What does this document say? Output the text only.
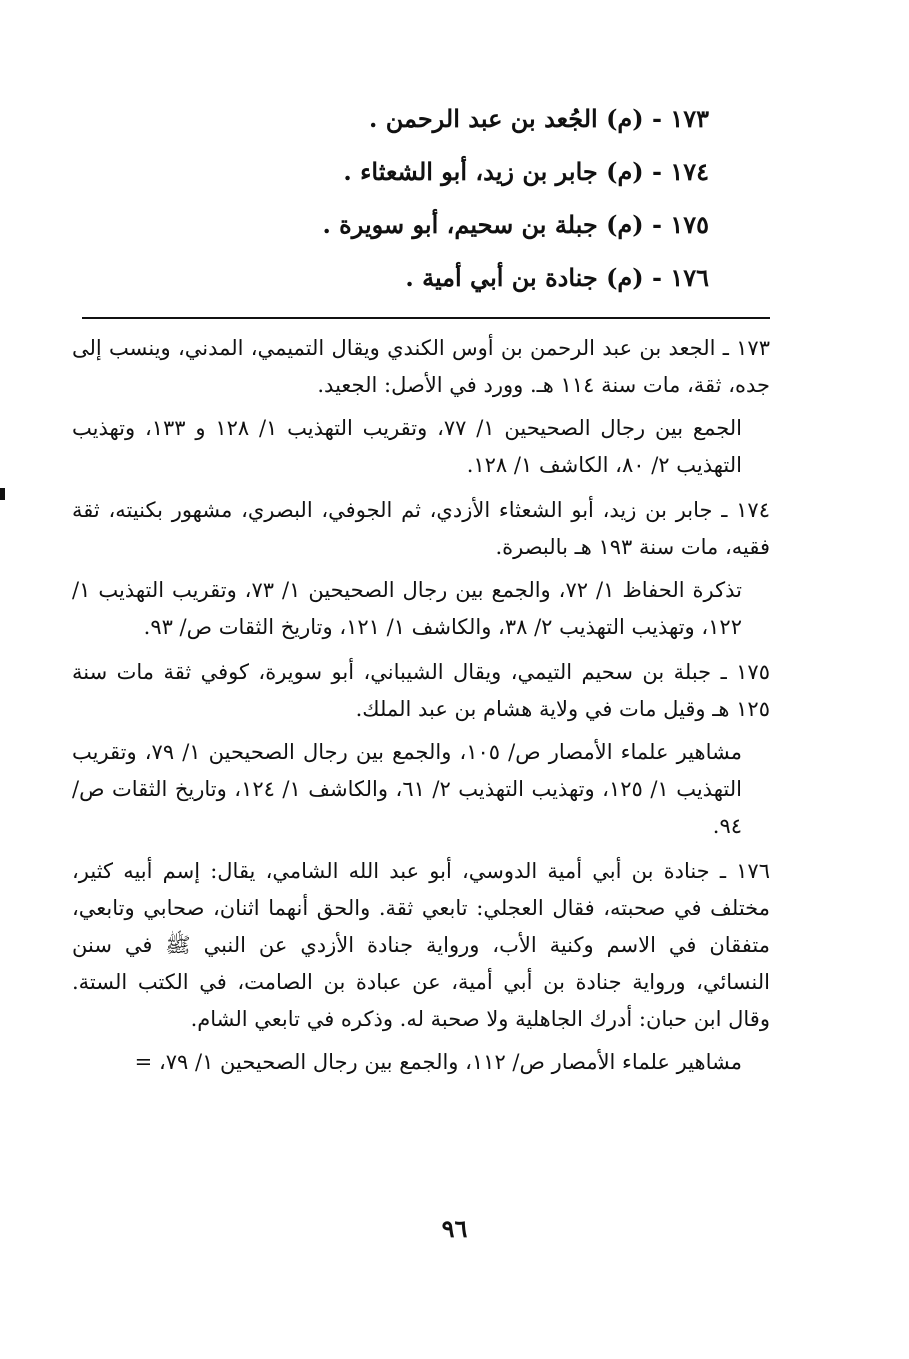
١٧٣ - (م) الجُعد بن عبد الرحمن .
١٧٤ - (م) جابر بن زيد، أبو الشعثاء .
١٧٥ - (م) جبلة بن سحيم، أبو سويرة .
١٧٦ - (م) جنادة بن أبي أمية .

١٧٣ ـ الجعد بن عبد الرحمن بن أوس الكندي ويقال التميمي، المدني، وينسب إلى جده، ثقة، مات سنة ١١٤ هـ. وورد في الأصل: الجعيد.

الجمع بين رجال الصحيحين ١/ ٧٧، وتقريب التهذيب ١/ ١٢٨ و ١٣٣، وتهذيب التهذيب ٢/ ٨٠، الكاشف ١/ ١٢٨.

١٧٤ ـ جابر بن زيد، أبو الشعثاء الأزدي، ثم الجوفي، البصري، مشهور بكنيته، ثقة فقيه، مات سنة ١٩٣ هـ بالبصرة.

تذكرة الحفاظ ١/ ٧٢، والجمع بين رجال الصحيحين ١/ ٧٣، وتقريب التهذيب ١/ ١٢٢، وتهذيب التهذيب ٢/ ٣٨، والكاشف ١/ ١٢١، وتاريخ الثقات ص/ ٩٣.

١٧٥ ـ جبلة بن سحيم التيمي، ويقال الشيباني، أبو سويرة، كوفي ثقة مات سنة ١٢٥ هـ وقيل مات في ولاية هشام بن عبد الملك.

مشاهير علماء الأمصار ص/ ١٠٥، والجمع بين رجال الصحيحين ١/ ٧٩، وتقريب التهذيب ١/ ١٢٥، وتهذيب التهذيب ٢/ ٦١، والكاشف ١/ ١٢٤، وتاريخ الثقات ص/ ٩٤.

١٧٦ ـ جنادة بن أبي أمية الدوسي، أبو عبد الله الشامي، يقال: إسم أبيه كثير، مختلف في صحبته، فقال العجلي: تابعي ثقة. والحق أنهما اثنان، صحابي وتابعي، متفقان في الاسم وكنية الأب، ورواية جنادة الأزدي عن النبي ﷺ في سنن النسائي، ورواية جنادة بن أبي أمية، عن عبادة بن الصامت، في الكتب الستة. وقال ابن حبان: أدرك الجاهلية ولا صحبة له. وذكره في تابعي الشام.

مشاهير علماء الأمصار ص/ ١١٢، والجمع بين رجال الصحيحين ١/ ٧٩، =

٩٦
